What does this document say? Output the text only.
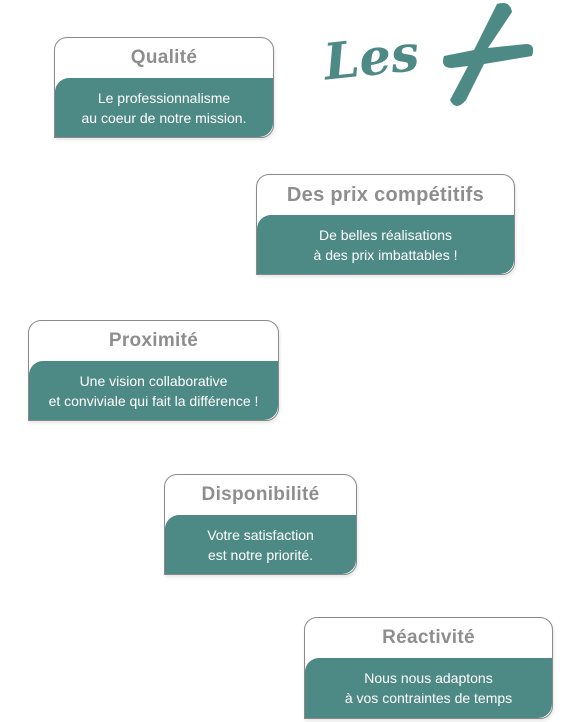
Les
Qualité
Le professionnalisme
au coeur de notre mission.
Des prix compétitifs
De belles réalisations
à des prix imbattables !
Proximité
Une vision collaborative
et conviviale qui fait la différence !
Disponibilité
Votre satisfaction
est notre priorité.
Réactivité
Nous nous adaptons
à vos contraintes de temps
